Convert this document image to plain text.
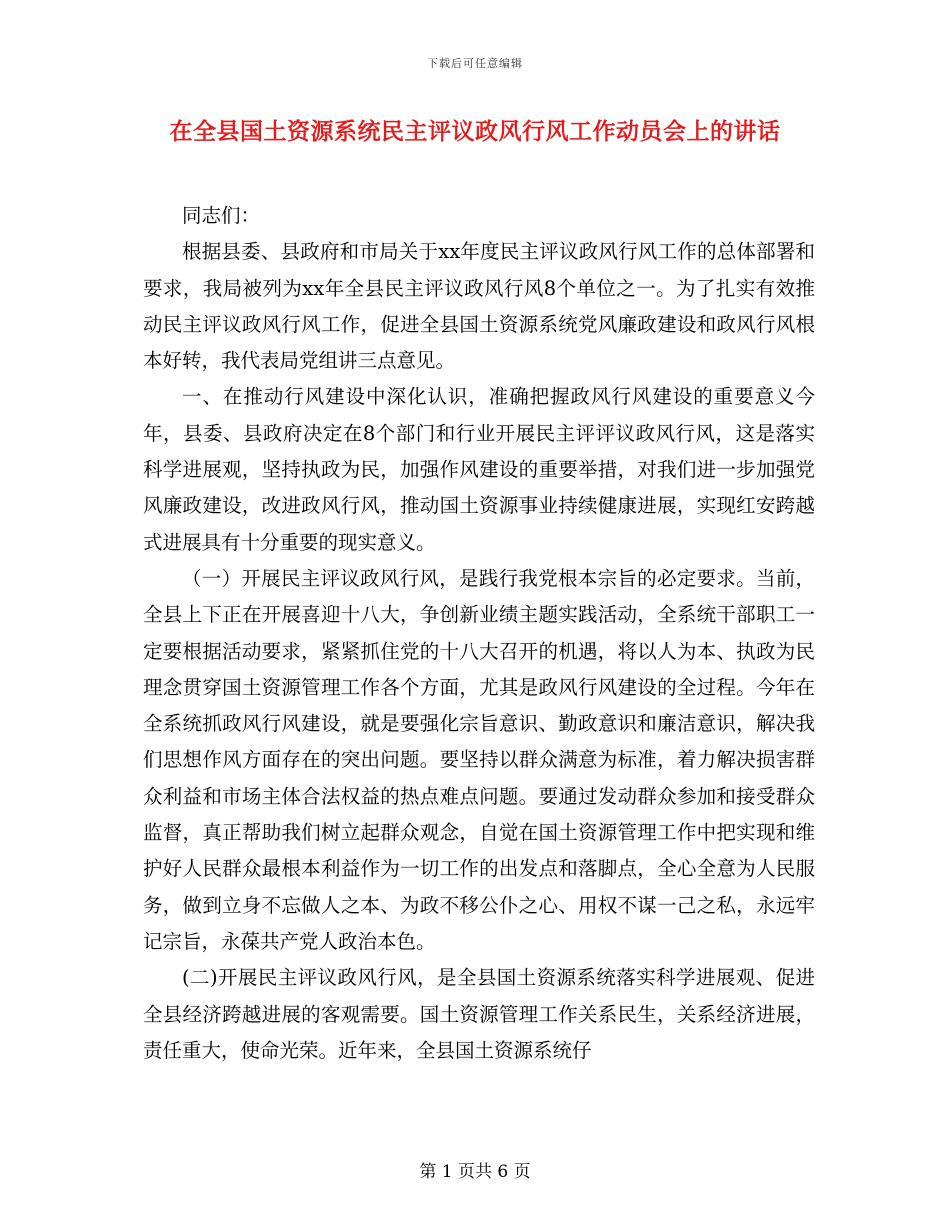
下载后可任意编辑
在全县国土资源系统民主评议政风行风工作动员会上的讲话

同志们：

根据县委、县政府和市局关于xx年度民主评议政风行风工作的总体部署和要求，我局被列为xx年全县民主评议政风行风8个单位之一。为了扎实有效推动民主评议政风行风工作，促进全县国土资源系统党风廉政建设和政风行风根本好转，我代表局党组讲三点意见。

一、在推动行风建设中深化认识，准确把握政风行风建设的重要意义今年，县委、县政府决定在8个部门和行业开展民主评评议政风行风，这是落实科学进展观，坚持执政为民，加强作风建设的重要举措，对我们进一步加强党风廉政建设，改进政风行风，推动国土资源事业持续健康进展，实现红安跨越式进展具有十分重要的现实意义。

（一）开展民主评议政风行风，是践行我党根本宗旨的必定要求。当前，全县上下正在开展喜迎十八大，争创新业绩主题实践活动，全系统干部职工一定要根据活动要求，紧紧抓住党的十八大召开的机遇，将以人为本、执政为民理念贯穿国土资源管理工作各个方面，尤其是政风行风建设的全过程。今年在全系统抓政风行风建设，就是要强化宗旨意识、勤政意识和廉洁意识，解决我们思想作风方面存在的突出问题。要坚持以群众满意为标准，着力解决损害群众利益和市场主体合法权益的热点难点问题。要通过发动群众参加和接受群众监督，真正帮助我们树立起群众观念，自觉在国土资源管理工作中把实现和维护好人民群众最根本利益作为一切工作的出发点和落脚点，全心全意为人民服务，做到立身不忘做人之本、为政不移公仆之心、用权不谋一己之私，永远牢记宗旨，永葆共产党人政治本色。

(二)开展民主评议政风行风，是全县国土资源系统落实科学进展观、促进全县经济跨越进展的客观需要。国土资源管理工作关系民生，关系经济进展，责任重大，使命光荣。近年来，全县国土资源系统仔

第 1 页共 6 页
